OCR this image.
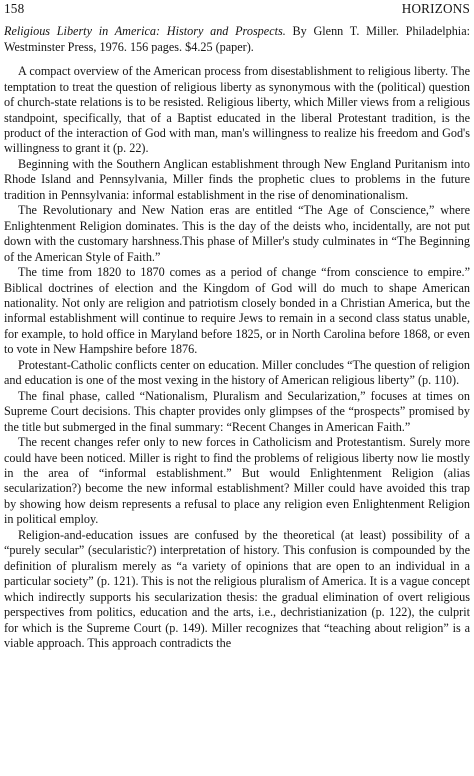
158	HORIZONS
Religious Liberty in America: History and Prospects. By Glenn T. Miller. Philadelphia: Westminster Press, 1976. 156 pages. $4.25 (paper).

A compact overview of the American process from disestablishment to religious liberty. The temptation to treat the question of religious liberty as synonymous with the (political) question of church-state relations is to be resisted. Religious liberty, which Miller views from a religious standpoint, specifically, that of a Baptist educated in the liberal Protestant tradition, is the product of the interaction of God with man, man's willingness to realize his freedom and God's willingness to grant it (p. 22).

Beginning with the Southern Anglican establishment through New England Puritanism into Rhode Island and Pennsylvania, Miller finds the prophetic clues to problems in the future tradition in Pennsylvania: informal establishment in the rise of denominationalism.

The Revolutionary and New Nation eras are entitled “The Age of Conscience,” where Enlightenment Religion dominates. This is the day of the deists who, incidentally, are not put down with the customary harshness.This phase of Miller's study culminates in “The Beginning of the American Style of Faith.”

The time from 1820 to 1870 comes as a period of change “from conscience to empire.” Biblical doctrines of election and the Kingdom of God will do much to shape American nationality. Not only are religion and patriotism closely bonded in a Christian America, but the informal establishment will continue to require Jews to remain in a second class status unable, for example, to hold office in Maryland before 1825, or in North Carolina before 1868, or even to vote in New Hampshire before 1876.

Protestant-Catholic conflicts center on education. Miller concludes “The question of religion and education is one of the most vexing in the history of American religious liberty” (p. 110).

The final phase, called “Nationalism, Pluralism and Secularization,” focuses at times on Supreme Court decisions. This chapter provides only glimpses of the “prospects” promised by the title but submerged in the final summary: “Recent Changes in American Faith.”

The recent changes refer only to new forces in Catholicism and Protestantism. Surely more could have been noticed. Miller is right to find the problems of religious liberty now lie mostly in the area of “informal establishment.” But would Enlightenment Religion (alias secularization?) become the new informal establishment? Miller could have avoided this trap by showing how deism represents a refusal to place any religion even Enlightenment Religion in political employ.

Religion-and-education issues are confused by the theoretical (at least) possibility of a “purely secular” (secularistic?) interpretation of history. This confusion is compounded by the definition of pluralism merely as “a variety of opinions that are open to an individual in a particular society” (p. 121). This is not the religious pluralism of America. It is a vague concept which indirectly supports his secularization thesis: the gradual elimination of overt religious perspectives from politics, education and the arts, i.e., dechristianization (p. 122), the culprit for which is the Supreme Court (p. 149). Miller recognizes that “teaching about religion” is a viable approach. This approach contradicts the
